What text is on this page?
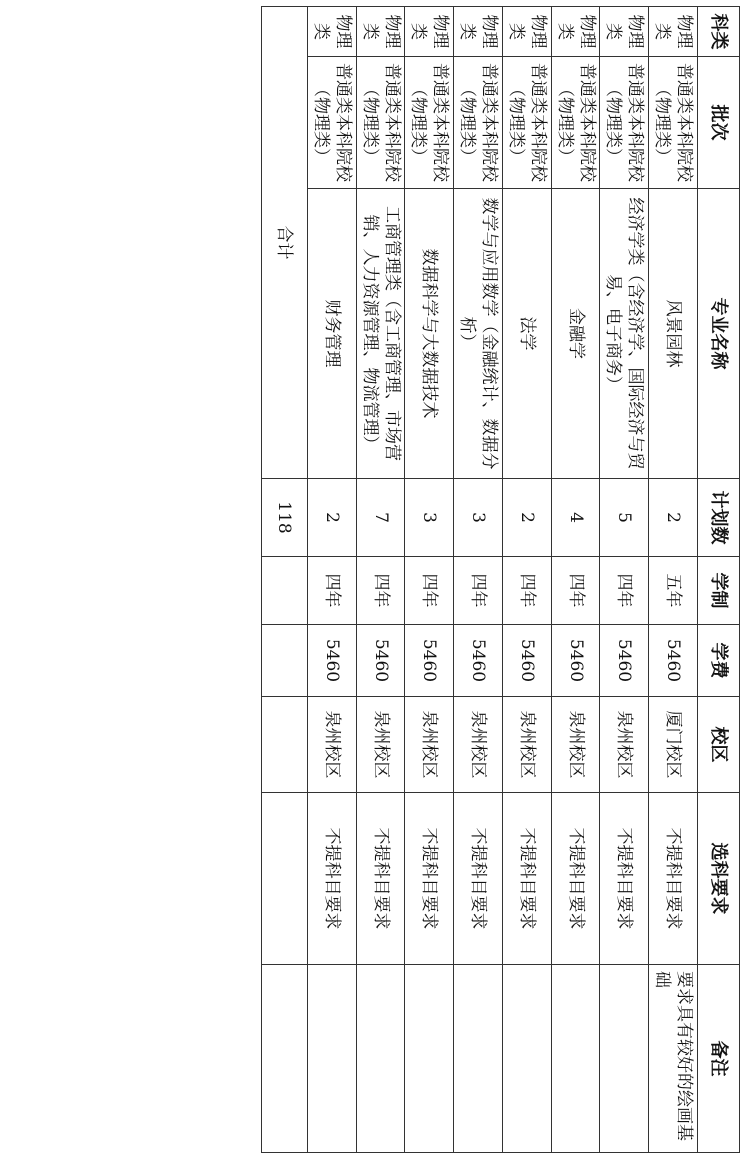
科类	批次	专业名称	计划数	学制	学费	校区	选科要求	备注
物理类	普通类本科院校（物理类）	风景园林	2	五年	5460	厦门校区	不提科目要求	要求具有较好的绘画基础
物理类	普通类本科院校（物理类）	经济学类（含经济学、国际经济与贸易、电子商务）	5	四年	5460	泉州校区	不提科目要求	
物理类	普通类本科院校（物理类）	金融学	4	四年	5460	泉州校区	不提科目要求	
物理类	普通类本科院校（物理类）	法学	2	四年	5460	泉州校区	不提科目要求	
物理类	普通类本科院校（物理类）	数学与应用数学（金融统计、数据分析）	3	四年	5460	泉州校区	不提科目要求	
物理类	普通类本科院校（物理类）	数据科学与大数据技术	3	四年	5460	泉州校区	不提科目要求	
物理类	普通类本科院校（物理类）	工商管理类（含工商管理、市场营销、人力资源管理、物流管理）	7	四年	5460	泉州校区	不提科目要求	
物理类	普通类本科院校（物理类）	财务管理	2	四年	5460	泉州校区	不提科目要求	
合计			118					
